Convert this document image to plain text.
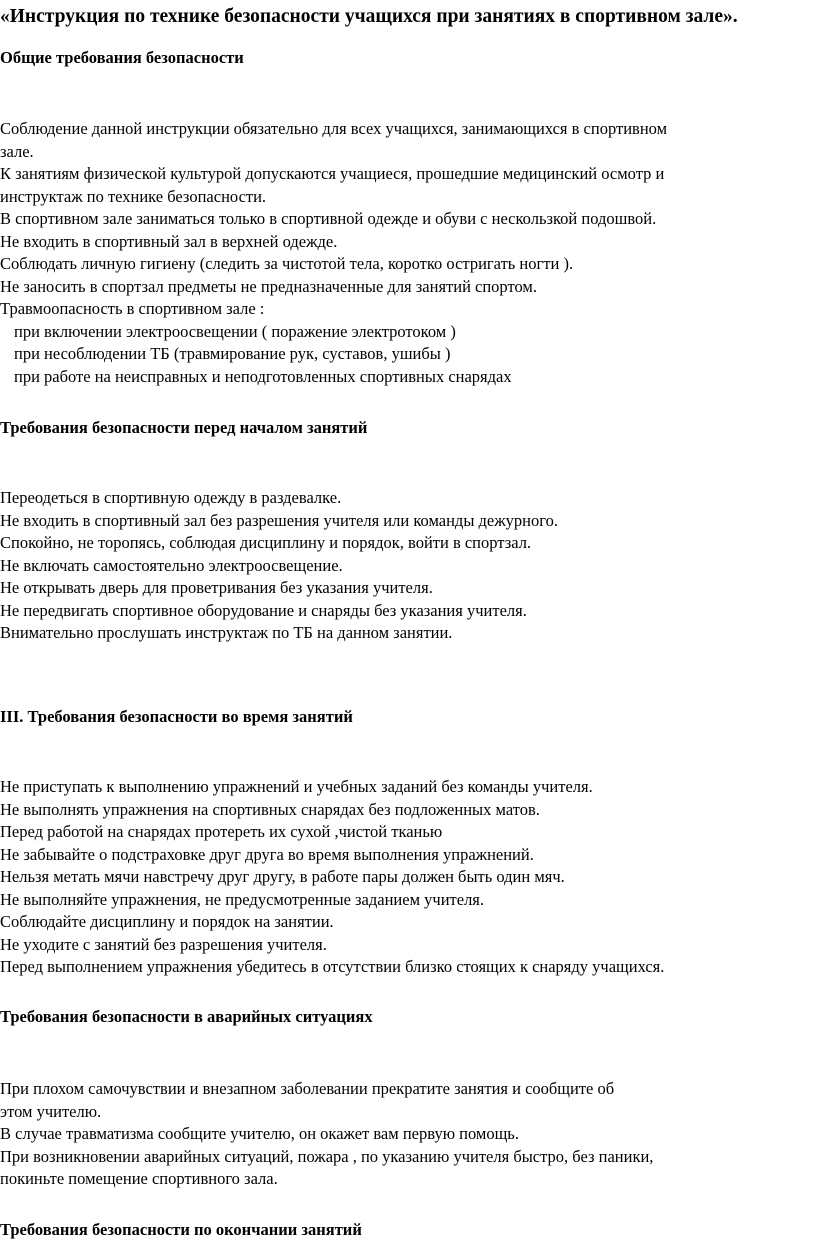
«Инструкция по технике безопасности учащихся при занятиях в спортивном зале».
Общие требования безопасности
Соблюдение данной инструкции обязательно для всех учащихся, занимающихся в спортивном
зале.
К занятиям физической культурой допускаются учащиеся, прошедшие медицинский осмотр и
инструктаж по технике безопасности.
В спортивном зале заниматься только в спортивной одежде и обуви с нескользкой подошвой.
Не входить в спортивный зал в верхней одежде.
Соблюдать личную гигиену (следить за чистотой тела, коротко остригать ногти ).
Не заносить в спортзал предметы не предназначенные для занятий спортом.
Травмоопасность в спортивном зале :
при включении электроосвещении ( поражение электротоком )
при несоблюдении ТБ (травмирование рук, суставов, ушибы )
при работе на неисправных и неподготовленных спортивных снарядах
Требования безопасности перед началом занятий
Переодеться в спортивную одежду в раздевалке.
Не входить в спортивный зал без разрешения учителя или команды дежурного.
Спокойно, не торопясь, соблюдая дисциплину и порядок, войти в спортзал.
Не включать самостоятельно электроосвещение.
Не открывать дверь для проветривания без указания учителя.
Не передвигать спортивное оборудование и снаряды без указания учителя.
Внимательно прослушать инструктаж по ТБ на данном занятии.
III. Требования безопасности во время занятий
Не приступать к выполнению упражнений и учебных заданий без команды учителя.
Не выполнять упражнения на спортивных снарядах без подложенных матов.
Перед работой на снарядах протереть их сухой ,чистой тканью
Не забывайте о подстраховке друг друга во время выполнения упражнений.
Нельзя метать мячи навстречу друг другу, в работе пары должен быть один мяч.
Не выполняйте упражнения, не предусмотренные заданием учителя.
Соблюдайте дисциплину и порядок на занятии.
Не уходите с занятий без разрешения учителя.
Перед выполнением упражнения убедитесь в отсутствии близко стоящих к снаряду учащихся.
Требования безопасности в аварийных ситуациях
При плохом самочувствии и внезапном заболевании прекратите занятия и сообщите об
этом учителю.
В случае травматизма сообщите учителю, он окажет вам первую помощь.
При возникновении аварийных ситуаций, пожара , по указанию учителя быстро, без паники,
покиньте помещение спортивного зала.
Требования безопасности по окончании занятий
